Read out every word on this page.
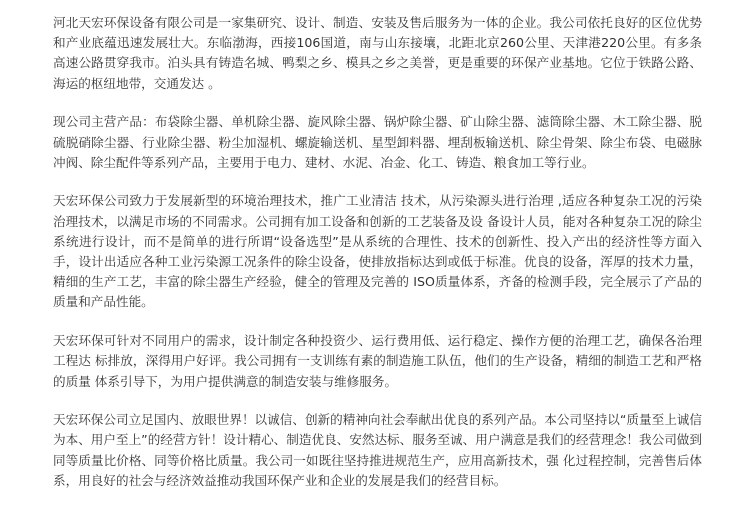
河北天宏环保设备有限公司是一家集研究、设计、制造、安装及售后服务为一体的企业。我公司依托良好的区位优势和产业底蕴迅速发展壮大。东临渤海，西接106国道，南与山东接壤，北距北京260公里、天津港220公里。有多条高速公路贯穿我市。泊头具有铸造名城、鸭梨之乡、模具之乡之美誉，更是重要的环保产业基地。它位于铁路公路、海运的枢纽地带，交通发达 。

现公司主营产品：布袋除尘器、单机除尘器、旋风除尘器、锅炉除尘器、矿山除尘器、滤筒除尘器、木工除尘器、脱硫脱硝除尘器、行业除尘器、粉尘加湿机、螺旋输送机、星型卸料器、埋刮板输送机、除尘骨架、除尘布袋、电磁脉冲阀、除尘配件等系列产品，主要用于电力、建材、水泥、冶金、化工、铸造、粮食加工等行业。

天宏环保公司致力于发展新型的环境治理技术，推广工业清洁 技术，从污染源头进行治理 ,适应各种复杂工况的污染治理技术，以满足市场的不同需求。公司拥有加工设备和创新的工艺装备及设 备设计人员，能对各种复杂工况的除尘系统进行设计，而不是简单的进行所谓“设备选型”是从系统的合理性、技术的创新性、投入产出的经济性等方面入手，设计出适应各种工业污染源工况条件的除尘设备，使排放指标达到或低于标准。优良的设备，浑厚的技术力量，精细的生产工艺，丰富的除尘器生产经验，健全的管理及完善的 ISO质量体系，齐备的检测手段，完全展示了产品的质量和产品性能。

天宏环保可针对不同用户的需求，设计制定各种投资少、运行费用低、运行稳定、操作方便的治理工艺，确保各治理工程达 标排放，深得用户好评。我公司拥有一支训练有素的制造施工队伍，他们的生产设备，精细的制造工艺和严格的质量 体系引导下，为用户提供满意的制造安装与维修服务。

天宏环保公司立足国内、放眼世界！以诚信、创新的精神向社会奉献出优良的系列产品。本公司坚持以“质量至上诚信为本、用户至上”的经营方针！设计精心、制造优良、安然达标、服务至诚、用户满意是我们的经营理念！我公司做到同等质量比价格、同等价格比质量。我公司一如既往坚持推进规范生产，应用高新技术，强 化过程控制，完善售后体系，用良好的社会与经济效益推动我国环保产业和企业的发展是我们的经营目标。
